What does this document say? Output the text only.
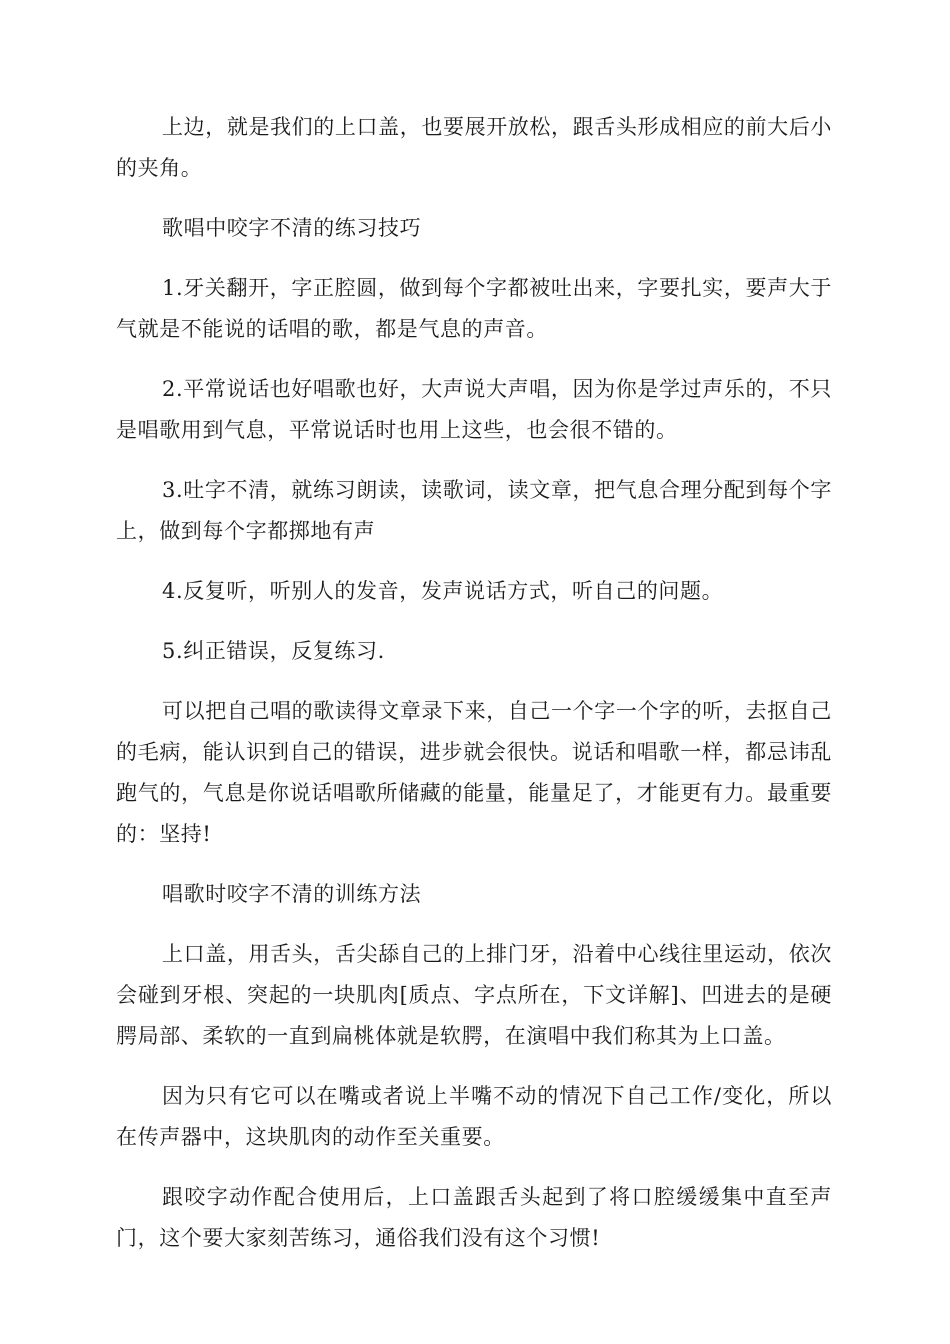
上边，就是我们的上口盖，也要展开放松，跟舌头形成相应的前大后小的夹角。

歌唱中咬字不清的练习技巧

1.牙关翻开，字正腔圆，做到每个字都被吐出来，字要扎实，要声大于气就是不能说的话唱的歌，都是气息的声音。

2.平常说话也好唱歌也好，大声说大声唱，因为你是学过声乐的，不只是唱歌用到气息，平常说话时也用上这些，也会很不错的。

3.吐字不清，就练习朗读，读歌词，读文章，把气息合理分配到每个字上，做到每个字都掷地有声

4.反复听，听别人的发音，发声说话方式，听自己的问题。

5.纠正错误，反复练习.

可以把自己唱的歌读得文章录下来，自己一个字一个字的听，去抠自己的毛病，能认识到自己的错误，进步就会很快。说话和唱歌一样，都忌讳乱跑气的，气息是你说话唱歌所储藏的能量，能量足了，才能更有力。最重要的：坚持!

唱歌时咬字不清的训练方法

上口盖，用舌头，舌尖舔自己的上排门牙，沿着中心线往里运动，依次会碰到牙根、突起的一块肌肉[质点、字点所在，下文详解]、凹进去的是硬腭局部、柔软的一直到扁桃体就是软腭，在演唱中我们称其为上口盖。

因为只有它可以在嘴或者说上半嘴不动的情况下自己工作/变化，所以在传声器中，这块肌肉的动作至关重要。

跟咬字动作配合使用后，上口盖跟舌头起到了将口腔缓缓集中直至声门，这个要大家刻苦练习，通俗我们没有这个习惯!
